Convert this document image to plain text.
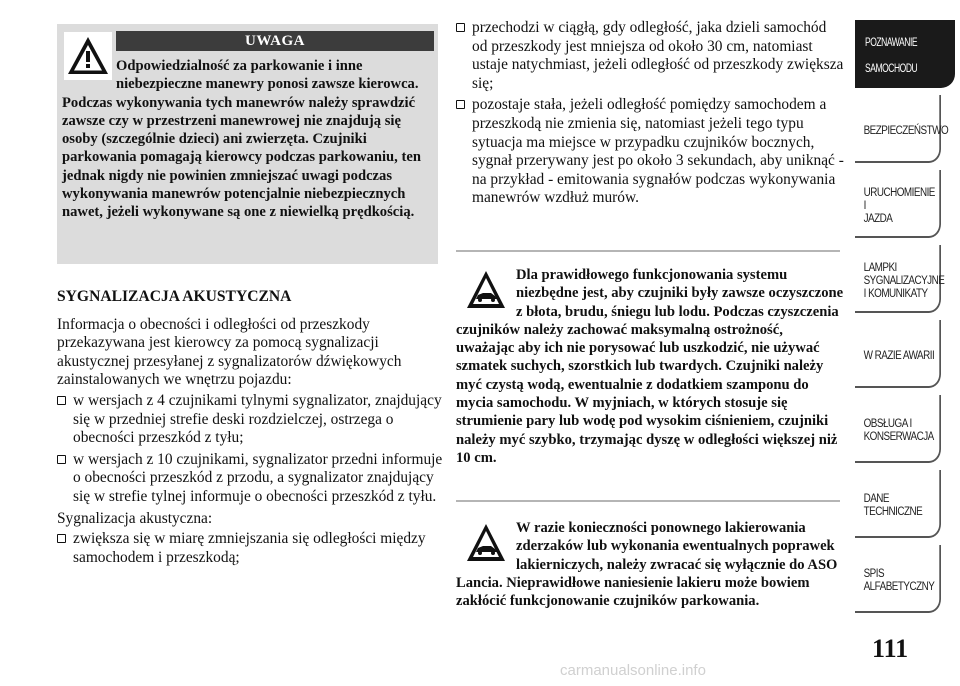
UWAGA
Odpowiedzialność za parkowanie i inne niebezpieczne manewry ponosi zawsze kierowca. Podczas wykonywania tych manewrów należy sprawdzić zawsze czy w przestrzeni manewrowej nie znajdują się osoby (szczególnie dzieci) ani zwierzęta. Czujniki parkowania pomagają kierowcy podczas parkowaniu, ten jednak nigdy nie powinien zmniejszać uwagi podczas wykonywania manewrów potencjalnie niebezpiecznych nawet, jeżeli wykonywane są one z niewielką prędkością.
SYGNALIZACJA AKUSTYCZNA
Informacja o obecności i odległości od przeszkody przekazywana jest kierowcy za pomocą sygnalizacji akustycznej przesyłanej z sygnalizatorów dźwiękowych zainstalowanych we wnętrzu pojazdu:
w wersjach z 4 czujnikami tylnymi sygnalizator, znajdujący się w przedniej strefie deski rozdzielczej, ostrzega o obecności przeszkód z tyłu;
w wersjach z 10 czujnikami, sygnalizator przedni informuje o obecności przeszkód z przodu, a sygnalizator znajdujący się w strefie tylnej informuje o obecności przeszkód z tyłu.
Sygnalizacja akustyczna:
zwiększa się w miarę zmniejszania się odległości między samochodem i przeszkodą;
przechodzi w ciągłą, gdy odległość, jaka dzieli samochód od przeszkody jest mniejsza od około 30 cm, natomiast ustaje natychmiast, jeżeli odległość od przeszkody zwiększa się;
pozostaje stała, jeżeli odległość pomiędzy samochodem a przeszkodą nie zmienia się, natomiast jeżeli tego typu sytuacja ma miejsce w przypadku czujników bocznych, sygnał przerywany jest po około 3 sekundach, aby uniknąć - na przykład - emitowania sygnałów podczas wykonywania manewrów wzdłuż murów.
Dla prawidłowego funkcjonowania systemu niezbędne jest, aby czujniki były zawsze oczyszczone z błota, brudu, śniegu lub lodu. Podczas czyszczenia czujników należy zachować maksymalną ostrożność, uważając aby ich nie porysować lub uszkodzić, nie używać szmatek suchych, szorstkich lub twardych. Czujniki należy myć czystą wodą, ewentualnie z dodatkiem szamponu do mycia samochodu. W myjniach, w których stosuje się strumienie pary lub wodę pod wysokim ciśnieniem, czujniki należy myć szybko, trzymając dyszę w odległości większej niż 10 cm.
W razie konieczności ponownego lakierowania zderzaków lub wykonania ewentualnych poprawek lakierniczych, należy zwracać się wyłącznie do ASO Lancia. Nieprawidłowe naniesienie lakieru może bowiem zakłócić funkcjonowanie czujników parkowania.
POZNAWANIE

SAMOCHODU
BEZPIECZEŃSTWO
URUCHOMIENIE I
JAZDA
LAMPKI
SYGNALIZACYJNE
I KOMUNIKATY
W RAZIE AWARII
OBSŁUGA I
KONSERWACJA
DANE
TECHNICZNE
SPIS
ALFABETYCZNY
111
carmanualsonline.info
